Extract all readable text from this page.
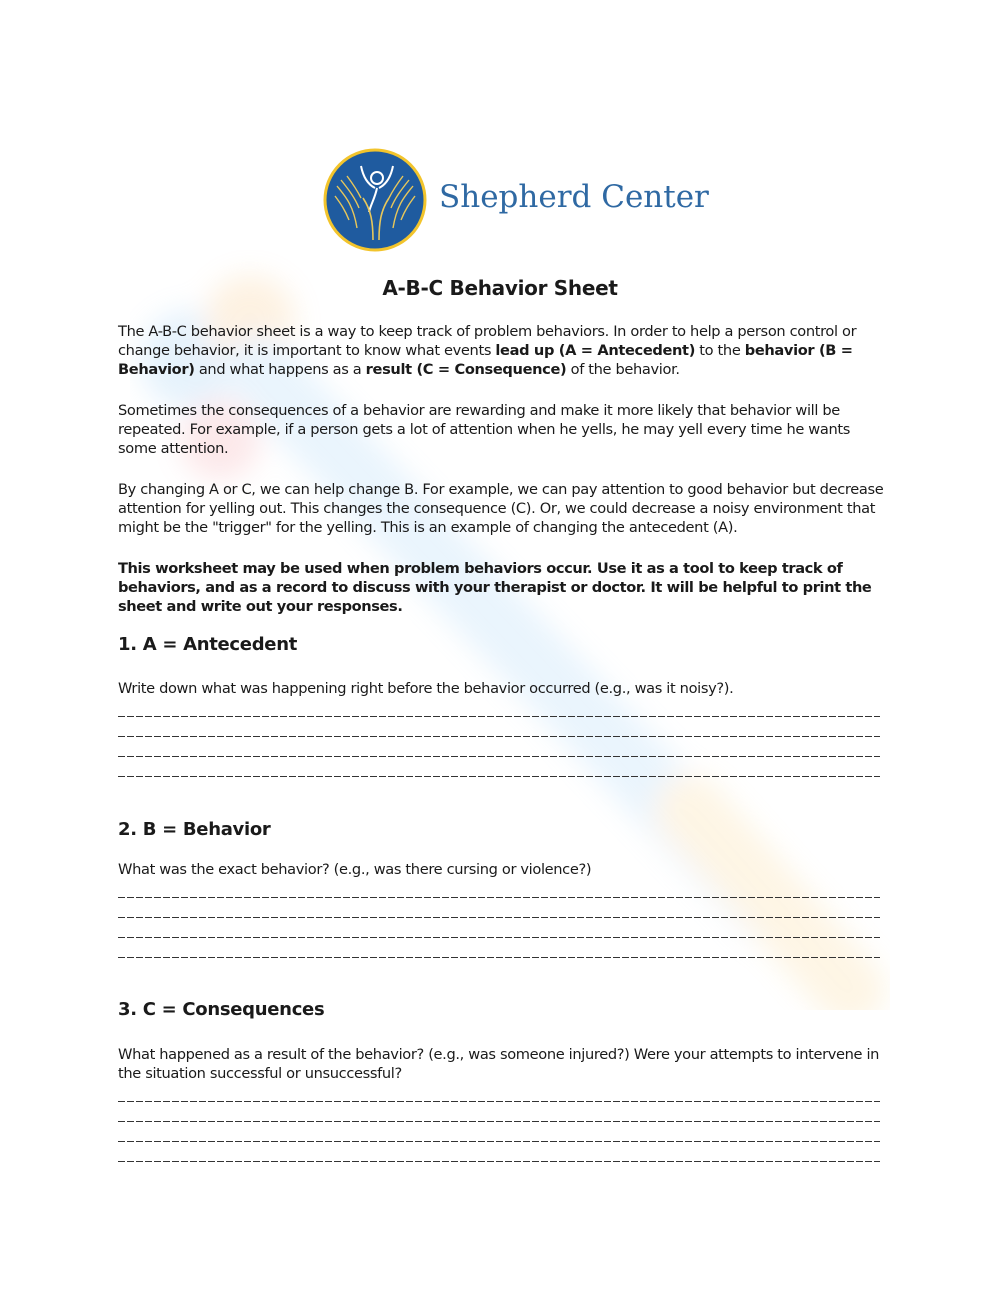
Shepherd Center
A-B-C Behavior Sheet
The A-B-C behavior sheet is a way to keep track of problem behaviors. In order to help a person control or change behavior, it is important to know what events lead up (A = Antecedent) to the behavior (B = Behavior) and what happens as a result (C = Consequence) of the behavior.
Sometimes the consequences of a behavior are rewarding and make it more likely that behavior will be repeated. For example, if a person gets a lot of attention when he yells, he may yell every time he wants some attention.
By changing A or C, we can help change B. For example, we can pay attention to good behavior but decrease attention for yelling out. This changes the consequence (C). Or, we could decrease a noisy environment that might be the "trigger" for the yelling. This is an example of changing the antecedent (A).
This worksheet may be used when problem behaviors occur. Use it as a tool to keep track of behaviors, and as a record to discuss with your therapist or doctor. It will be helpful to print the sheet and write out your responses.
1. A = Antecedent
Write down what was happening right before the behavior occurred (e.g., was it noisy?).
2. B = Behavior
What was the exact behavior? (e.g., was there cursing or violence?)
3. C = Consequences
What happened as a result of the behavior? (e.g., was someone injured?) Were your attempts to intervene in the situation successful or unsuccessful?
